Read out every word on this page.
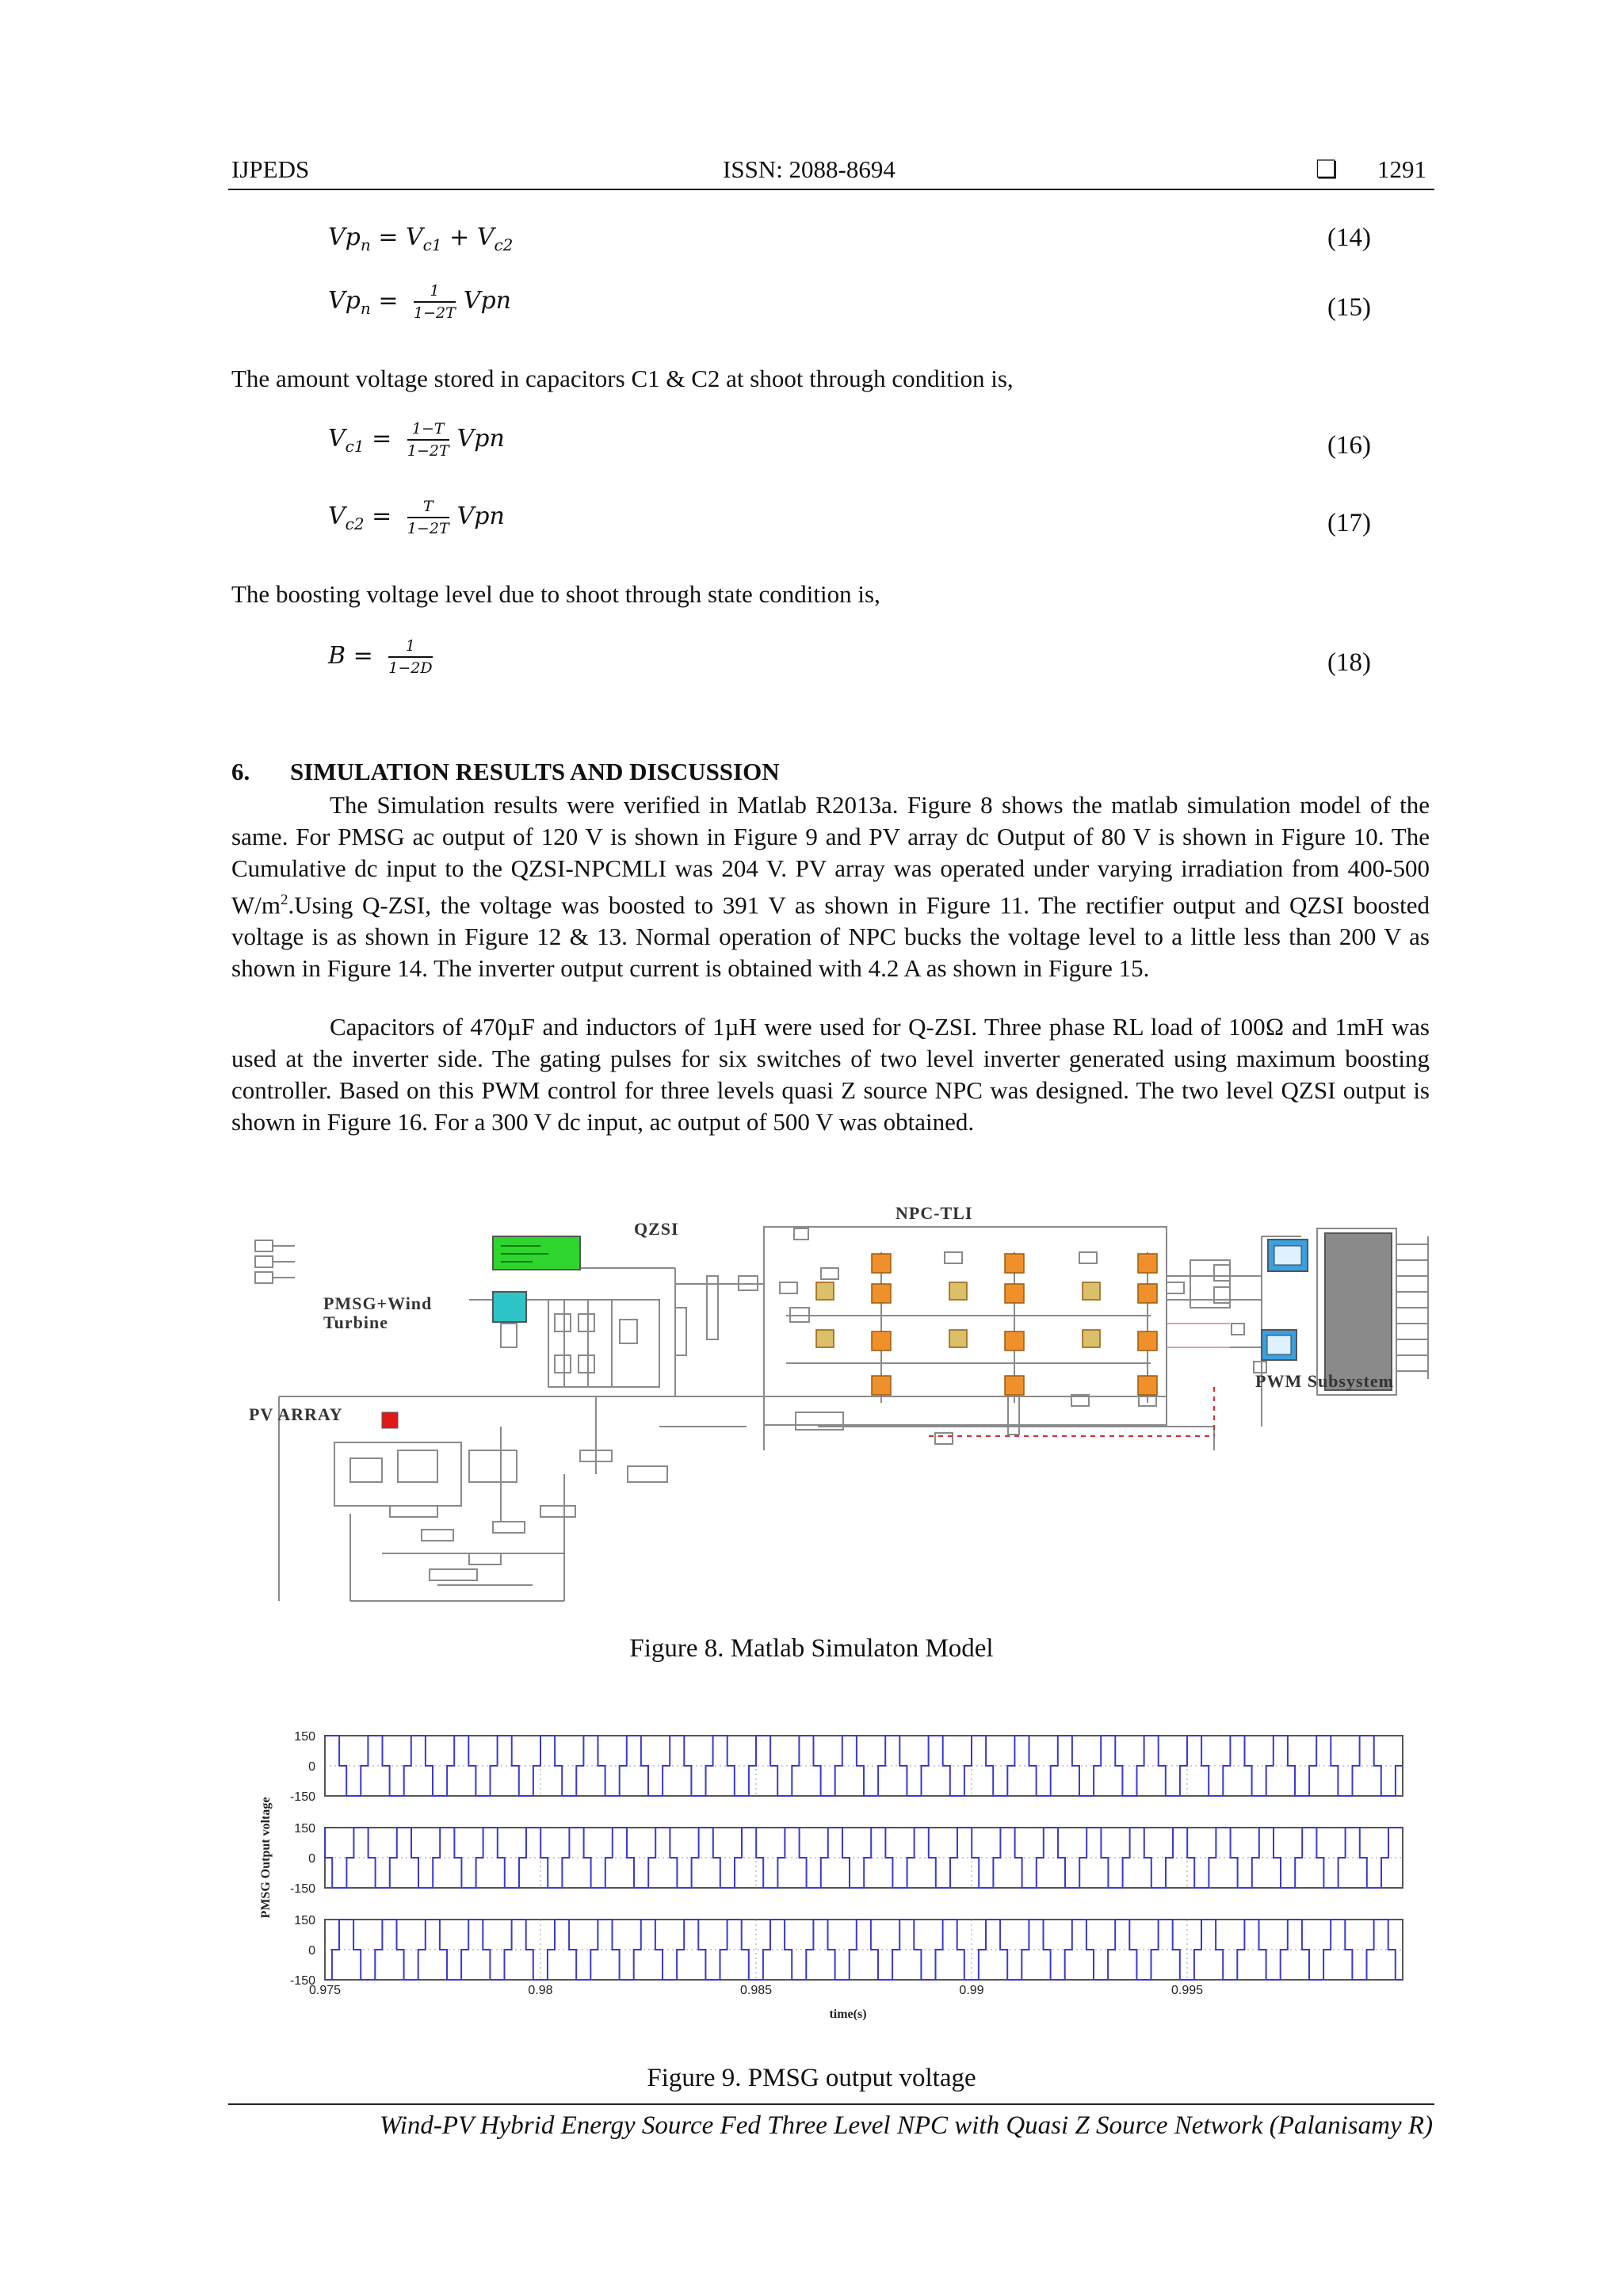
IJPEDS	ISSN: 2088-8694	❏ 1291
$Vp_n = V_{c1} + V_{c2}$	(14)
$Vp_n = \frac{1}{1-2T}$ Vpn	(15)
The amount voltage stored in capacitors C1 & C2 at shoot through condition is,
$V_{c1} = \frac{1-T}{1-2T}$ Vpn	(16)
$V_{c2} = \frac{T}{1-2T}$ Vpn	(17)
The boosting voltage level due to shoot through state condition is,
$B = \frac{1}{1-2D}$	(18)
6. SIMULATION RESULTS AND DISCUSSION
The Simulation results were verified in Matlab R2013a. Figure 8 shows the matlab simulation model of the same. For PMSG ac output of 120 V is shown in Figure 9 and PV array dc Output of 80 V is shown in Figure 10. The Cumulative dc input to the QZSI-NPCMLI was 204 V. PV array was operated under varying irradiation from 400-500 $W/m^2.Using$ Q-ZSI, the voltage was boosted to 391 V as shown in Figure 11. The rectifier output and QZSI boosted voltage is as shown in Figure 12 & 13. Normal operation of NPC bucks the voltage level to a little less than 200 V as shown in Figure 14. The inverter output current is obtained with 4.2 A as shown in Figure 15.
Capacitors of 470µF and inductors of 1µH were used for Q-ZSI. Three phase RL load of 100Ω and 1mH was used at the inverter side. The gating pulses for six switches of two level inverter generated using maximum boosting controller. Based on this PWM control for three levels quasi Z source NPC was designed. The two level QZSI output is shown in Figure 16. For a 300 V dc input, ac output of 500 V was obtained.
QZSI
NPC-TLI
PMSG+Wind
Turbine
PV ARRAY
PWM Subsystem
Figure 8. Matlab Simulaton Model
150
0
-150
150
0
-150
150
0
-150
0.975	0.98	0.985	0.99	0.995
time(s)
PMSG Output voltage
Figure 9. PMSG output voltage
Wind-PV Hybrid Energy Source Fed Three Level NPC with Quasi Z Source Network (Palanisamy R)
